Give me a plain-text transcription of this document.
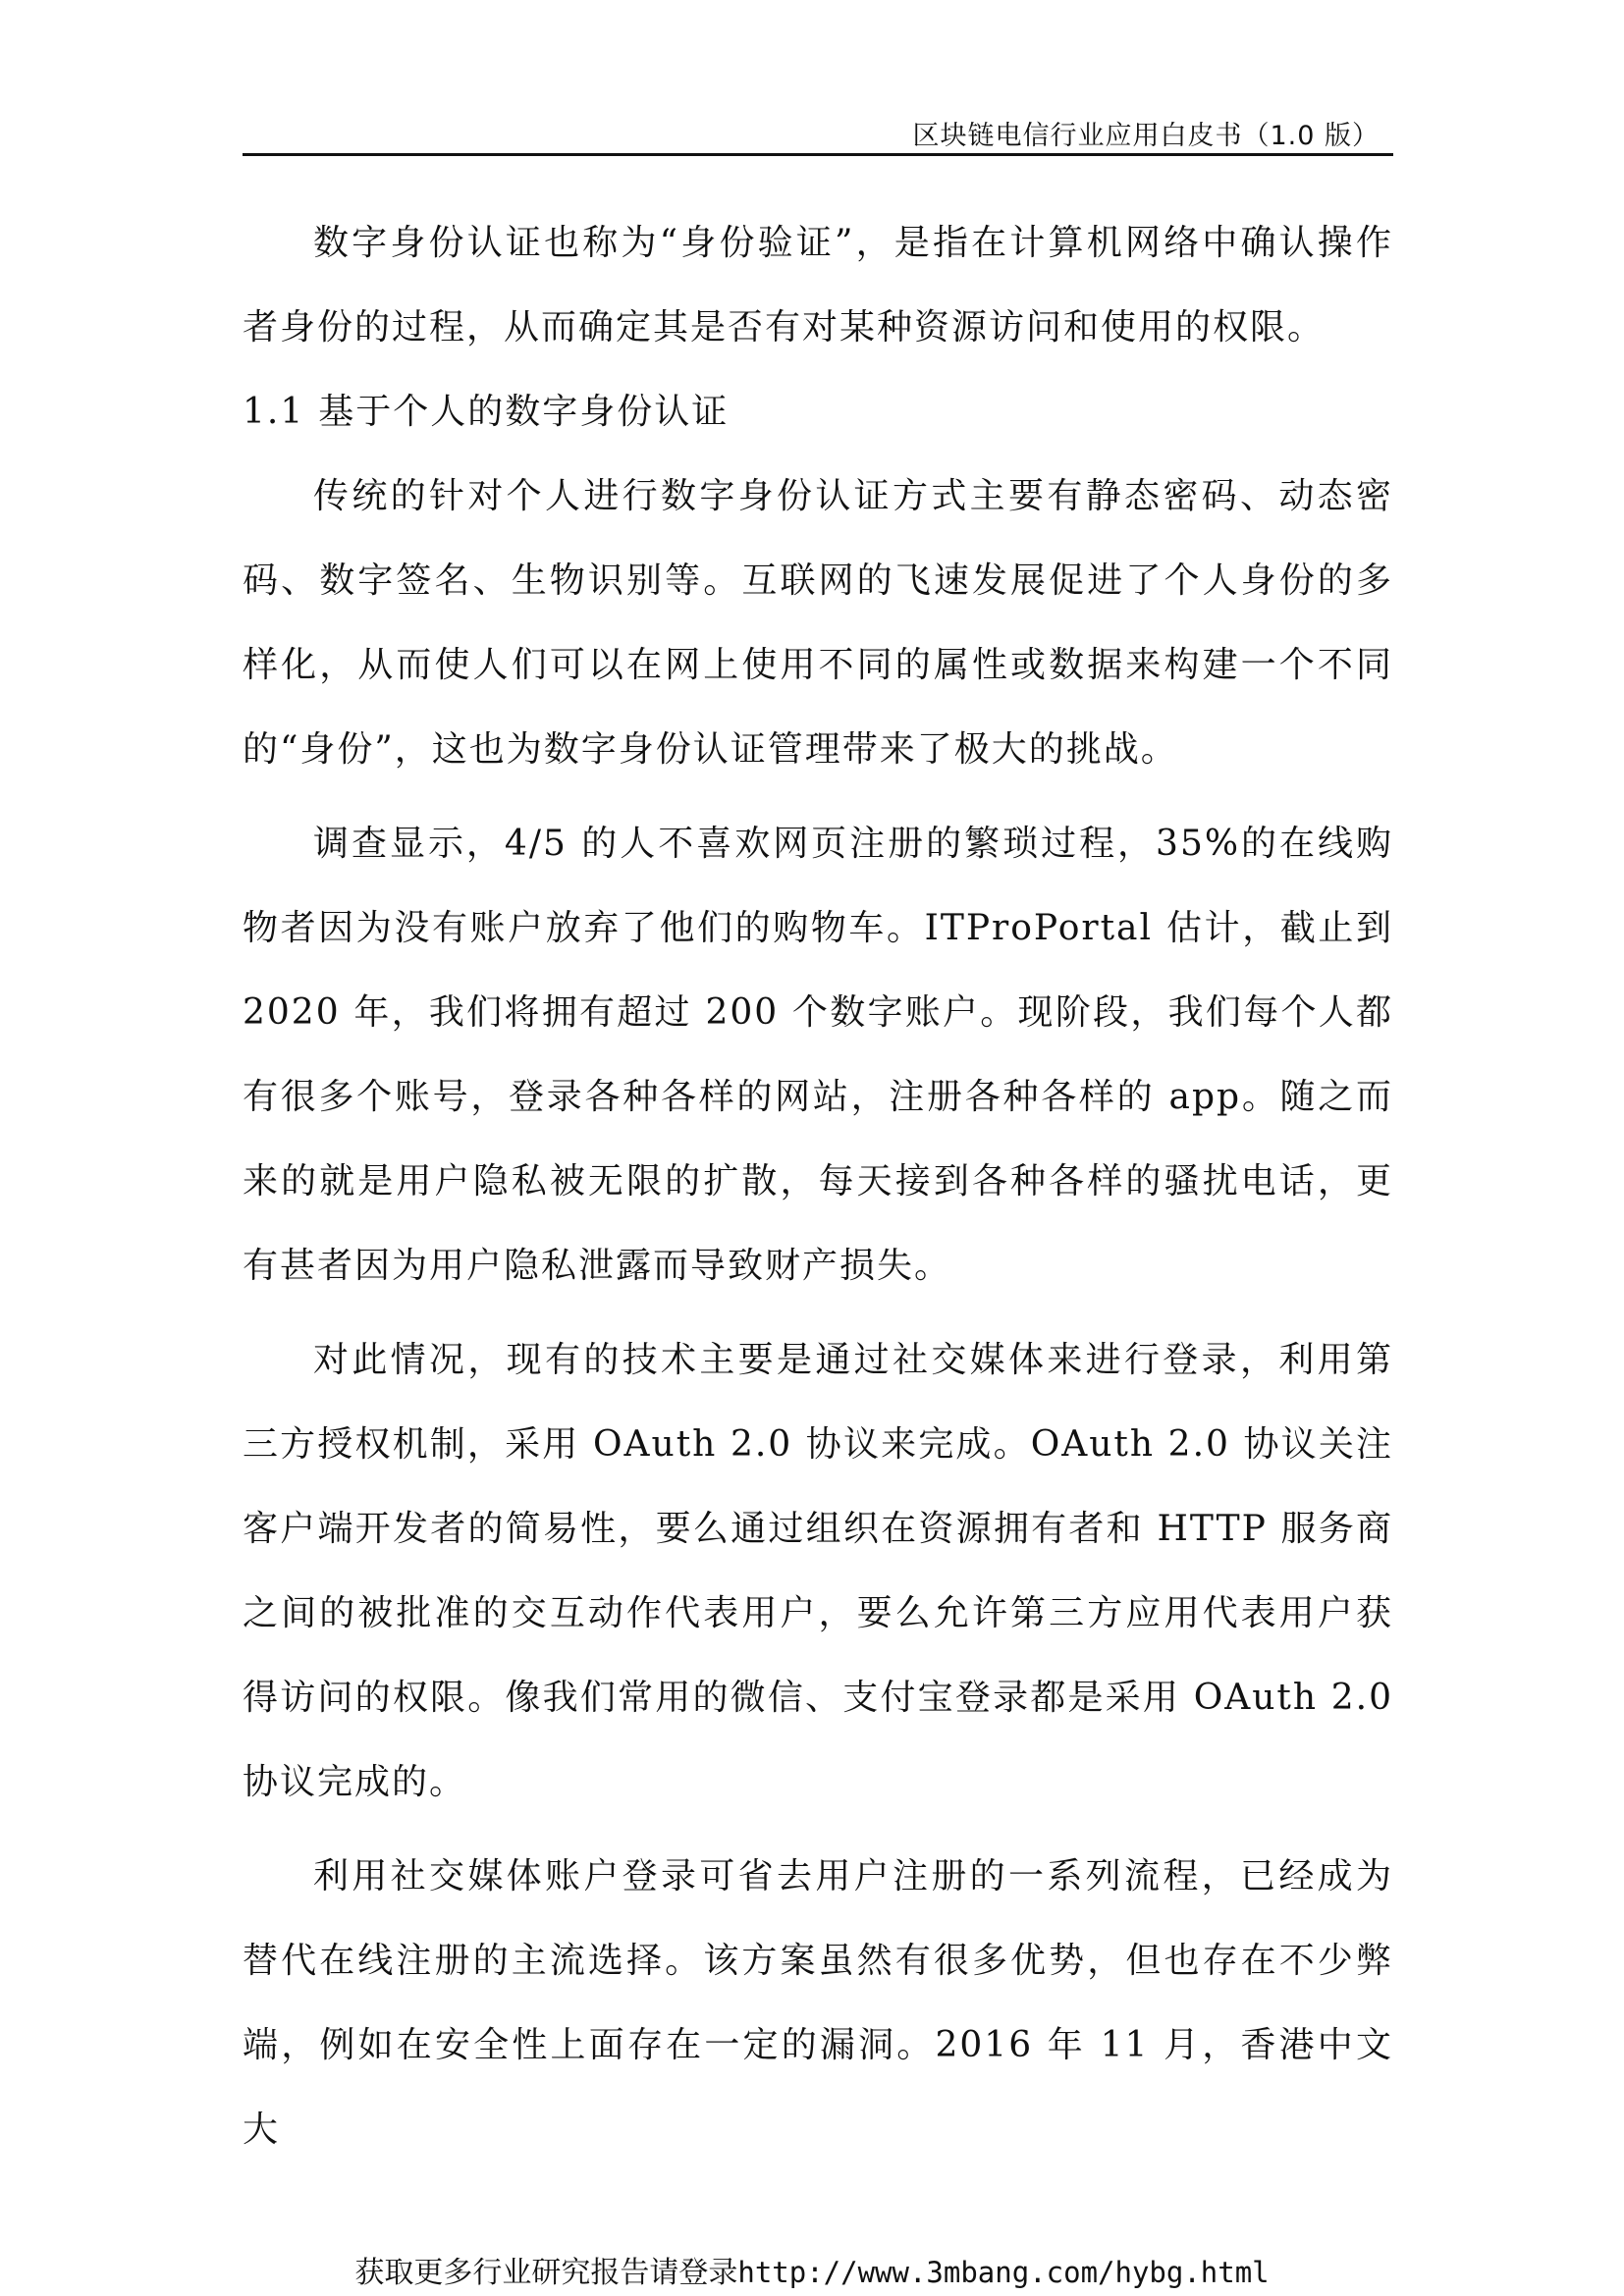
区块链电信行业应用白皮书（1.0 版）

数字身份认证也称为“身份验证”，是指在计算机网络中确认操作者身份的过程，从而确定其是否有对某种资源访问和使用的权限。

1.1 基于个人的数字身份认证

传统的针对个人进行数字身份认证方式主要有静态密码、动态密码、数字签名、生物识别等。互联网的飞速发展促进了个人身份的多样化，从而使人们可以在网上使用不同的属性或数据来构建一个不同的“身份”，这也为数字身份认证管理带来了极大的挑战。

调查显示，4/5 的人不喜欢网页注册的繁琐过程，35%的在线购物者因为没有账户放弃了他们的购物车。ITProPortal 估计，截止到 2020 年，我们将拥有超过 200 个数字账户。现阶段，我们每个人都有很多个账号，登录各种各样的网站，注册各种各样的 app。随之而来的就是用户隐私被无限的扩散，每天接到各种各样的骚扰电话，更有甚者因为用户隐私泄露而导致财产损失。

对此情况，现有的技术主要是通过社交媒体来进行登录，利用第三方授权机制，采用 OAuth 2.0 协议来完成。OAuth 2.0 协议关注客户端开发者的简易性，要么通过组织在资源拥有者和 HTTP 服务商之间的被批准的交互动作代表用户，要么允许第三方应用代表用户获得访问的权限。像我们常用的微信、支付宝登录都是采用 OAuth 2.0 协议完成的。

利用社交媒体账户登录可省去用户注册的一系列流程，已经成为替代在线注册的主流选择。该方案虽然有很多优势，但也存在不少弊端，例如在安全性上面存在一定的漏洞。2016 年 11 月，香港中文大

获取更多行业研究报告请登录http://www.3mbang.com/hybg.html
